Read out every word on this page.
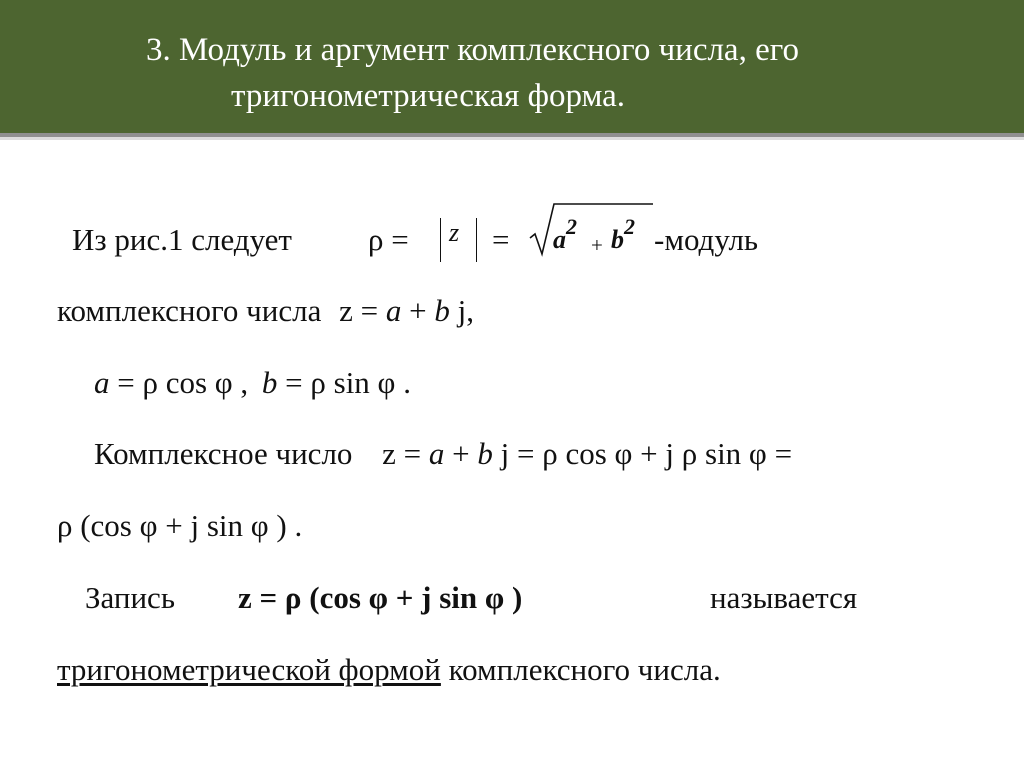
3. Модуль и аргумент комплексного числа, его
тригонометрическая форма.
Из рис.1 следует $\rho = z = a^2$
+ $b^2$ -модуль
комплексного числа z = a + b j,
a = ρ cos φ , b = ρ sin φ .
Комплексное число z = a + b j = ρ cos φ + j ρ sin φ =
ρ (cos φ + j sin φ ) .
Запись z = ρ (cos φ + j sin φ )	называется
тригонометрической формой комплексного числа.
